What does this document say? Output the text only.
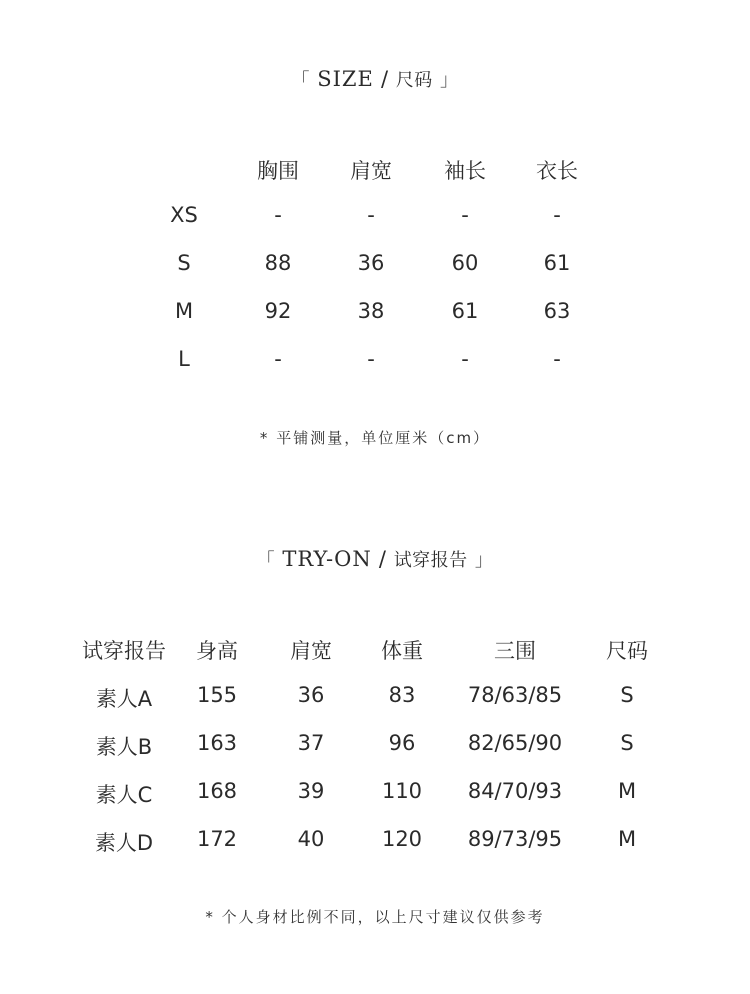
「 SIZE / 尺码 」
胸围 肩宽 袖长 衣长
XS	-	-	-	-
S	88	36	60	61
M	92	38	61	63
L	-	-	-	-
* 平铺测量，单位厘米（cm）
「 TRY-ON / 试穿报告 」
试穿报告 身高 肩宽 体重	三围	尺码
素人A 155	36	83 78/63/85	S
素人B 163	37	96 82/65/90	S
素人C 168	39	110 84/70/93	M
素人D 172	40	120 89/73/95	M
* 个人身材比例不同，以上尺寸建议仅供参考
